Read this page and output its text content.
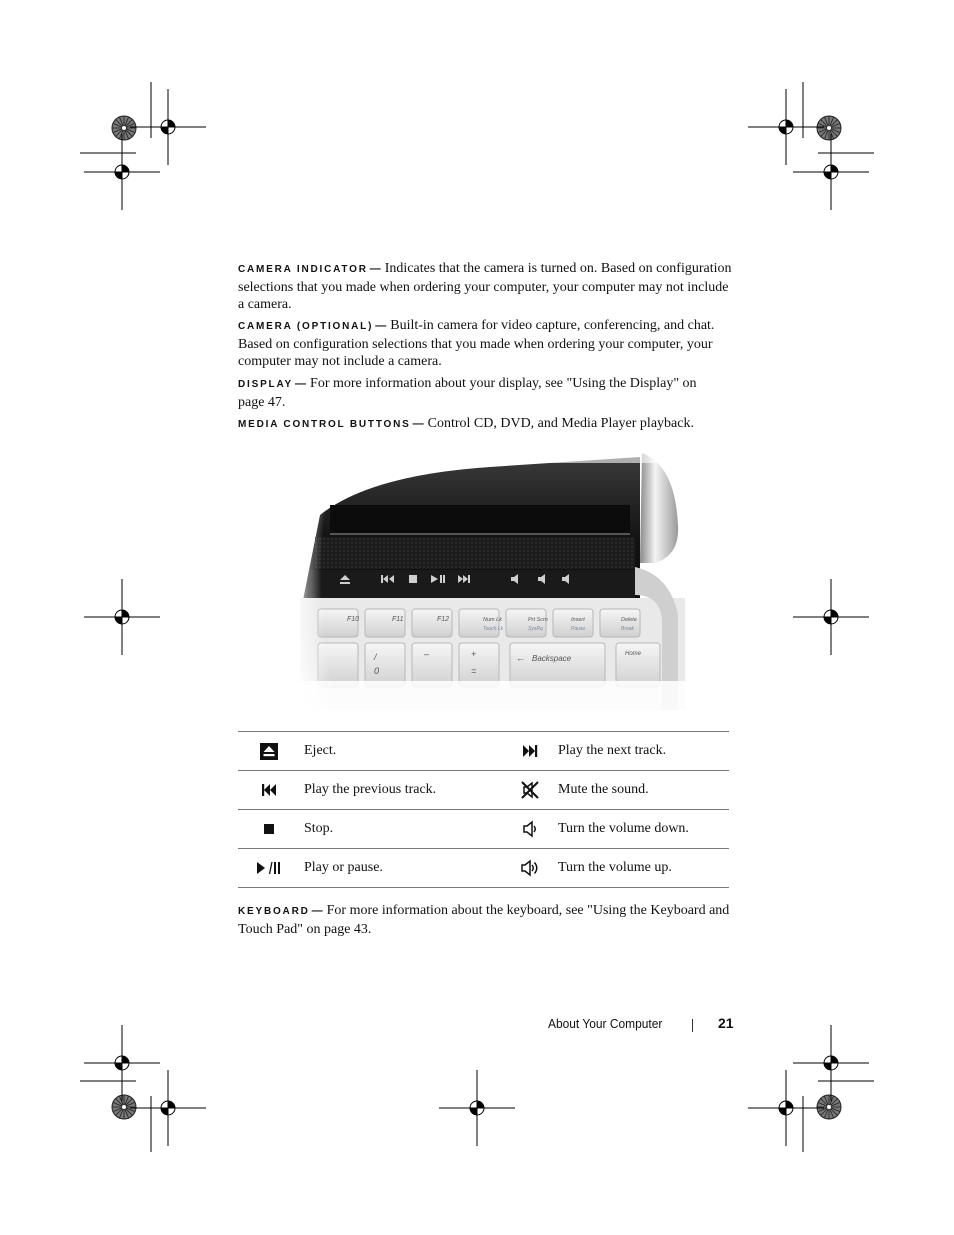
CAMERA INDICATOR — Indicates that the camera is turned on. Based on configuration selections that you made when ordering your computer, your computer may not include a camera.

CAMERA (OPTIONAL) — Built-in camera for video capture, conferencing, and chat. Based on configuration selections that you made when ordering your computer, your computer may not include a camera.

DISPLAY — For more information about your display, see "Using the Display" on page 47.

MEDIA CONTROL BUTTONS — Control CD, DVD, and Media Player playback.

F11	F12	Num Lk
Touch Lk
Prt Scrn
SysRq
Insert
Pause
Delete
Break
/
0
–	+
=
← Backspace	Home
	Eject.		Play the next track.
	Play the previous track.		Mute the sound.
	Stop.		Turn the volume down.
	Play or pause.		Turn the volume up.

KEYBOARD — For more information about the keyboard, see "Using the Keyboard and Touch Pad" on page 43.

About Your Computer	21
